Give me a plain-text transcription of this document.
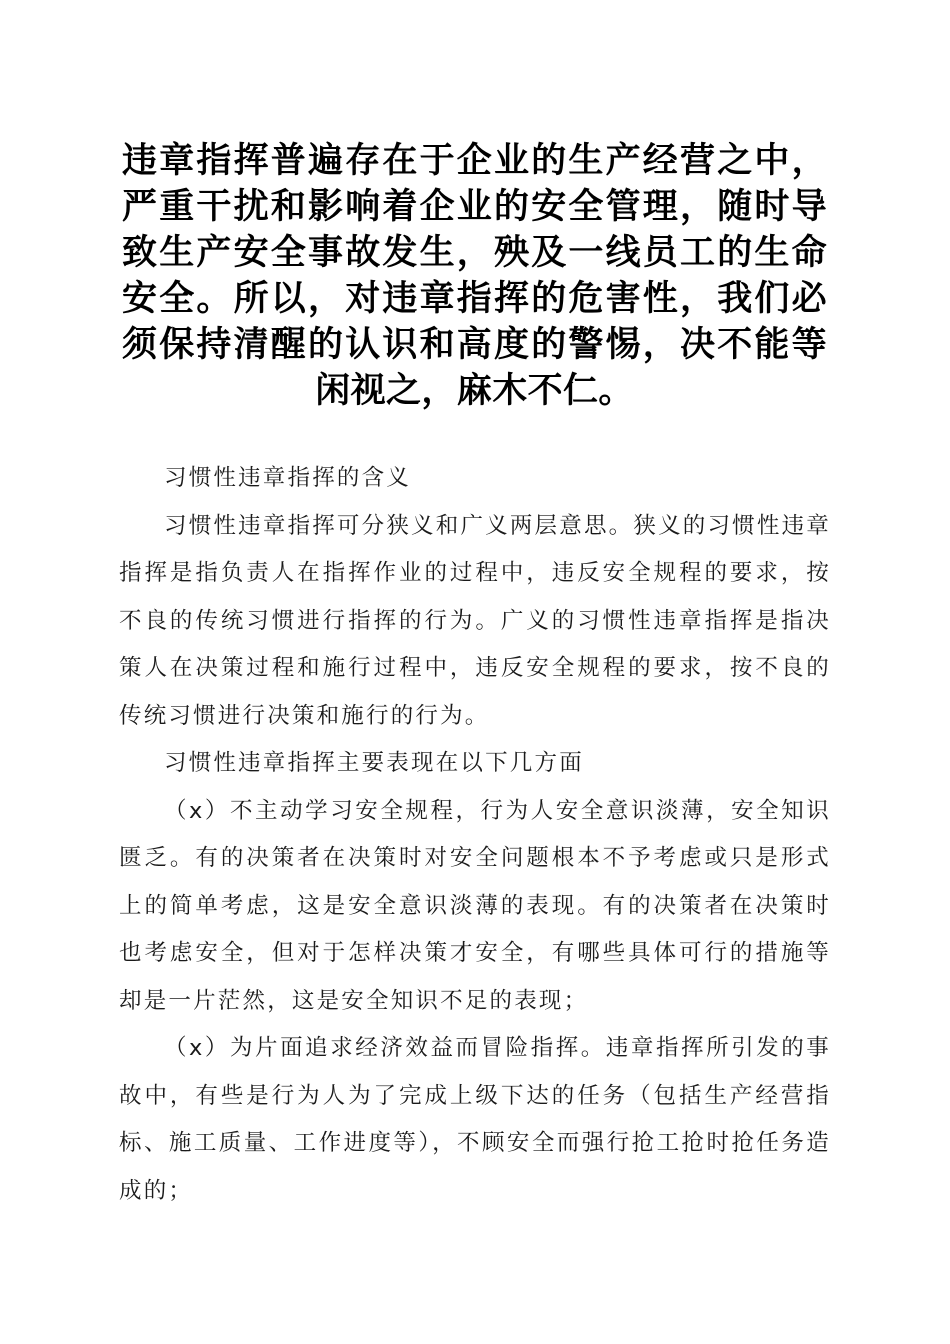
违章指挥普遍存在于企业的生产经营之中，严重干扰和影响着企业的安全管理，随时导致生产安全事故发生，殃及一线员工的生命安全。所以，对违章指挥的危害性，我们必须保持清醒的认识和高度的警惕，决不能等闲视之，麻木不仁。

习惯性违章指挥的含义

习惯性违章指挥可分狭义和广义两层意思。狭义的习惯性违章指挥是指负责人在指挥作业的过程中，违反安全规程的要求，按不良的传统习惯进行指挥的行为。广义的习惯性违章指挥是指决策人在决策过程和施行过程中，违反安全规程的要求，按不良的传统习惯进行决策和施行的行为。

习惯性违章指挥主要表现在以下几方面

（x）不主动学习安全规程，行为人安全意识淡薄，安全知识匮乏。有的决策者在决策时对安全问题根本不予考虑或只是形式上的简单考虑，这是安全意识淡薄的表现。有的决策者在决策时也考虑安全，但对于怎样决策才安全，有哪些具体可行的措施等却是一片茫然，这是安全知识不足的表现；

（x）为片面追求经济效益而冒险指挥。违章指挥所引发的事故中，有些是行为人为了完成上级下达的任务（包括生产经营指标、施工质量、工作进度等），不顾安全而强行抢工抢时抢任务造成的；
